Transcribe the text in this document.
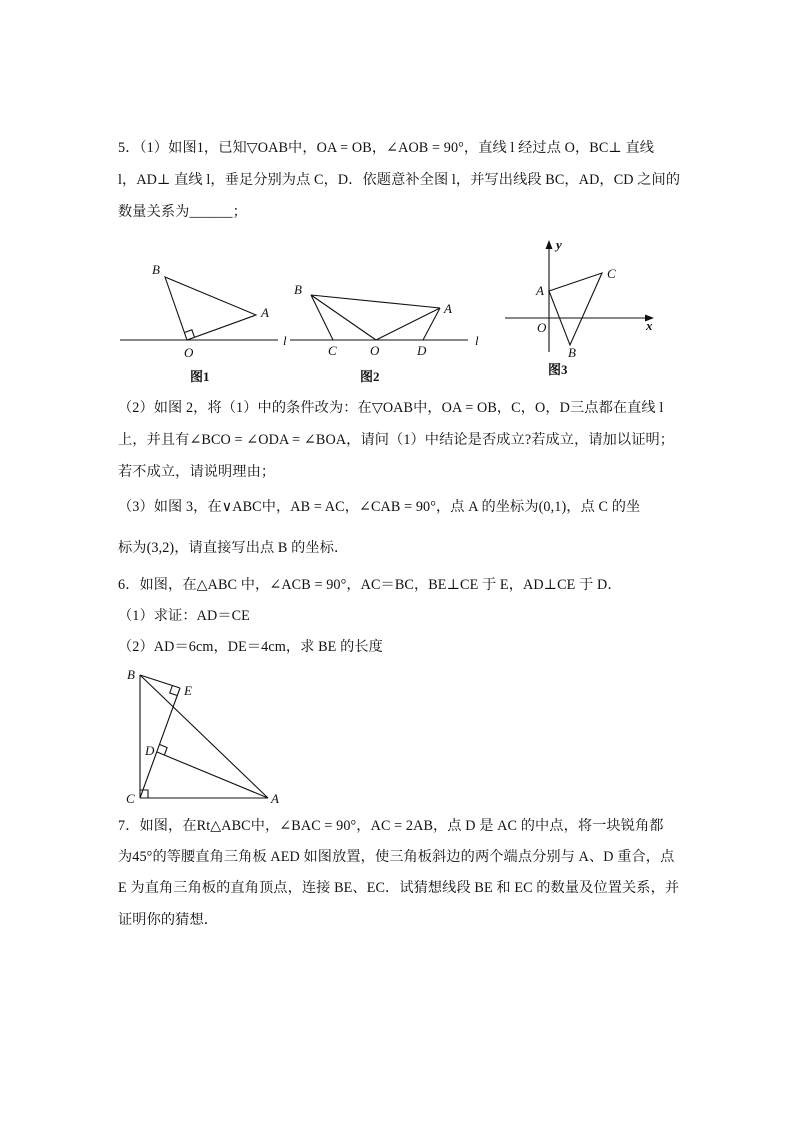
5．（1）如图1，已知▽OAB中，OA = OB，∠AOB = 90°，直线 l 经过点 O，BC⊥ 直线
l，AD⊥ 直线 l，垂足分别为点 C，D．依题意补全图 l，并写出线段 BC，AD，CD 之间的
数量关系为______；
（2）如图 2，将（1）中的条件改为：在▽OAB中，OA = OB，C，O，D三点都在直线 l
上，并且有∠BCO = ∠ODA = ∠BOA，请问（1）中结论是否成立?若成立，请加以证明；
若不成立，请说明理由；
（3）如图 3，在∨ABC中，AB = AC，∠CAB = 90°，点 A 的坐标为(0,1)，点 C 的坐
标为(3,2)，请直接写出点 B 的坐标．
6．如图，在△ABC 中，∠ACB = 90°，AC＝BC，BE⊥CE 于 E，AD⊥CE 于 D．
（1）求证：AD＝CE
（2）AD＝6cm，DE＝4cm，求 BE 的长度
7．如图，在Rt△ABC中，∠BAC = 90°，AC = 2AB，点 D 是 AC 的中点，将一块锐角都
为45°的等腰直角三角板 AED 如图放置，使三角板斜边的两个端点分别与 A、D 重合，点
E 为直角三角板的直角顶点，连接 BE、EC．试猜想线段 BE 和 EC 的数量及位置关系，并
证明你的猜想．
B
A
O
l
图1
B
A
C	O	D
l
图2
x
y
O
A
C
B
图3
B
E
D
C	A
